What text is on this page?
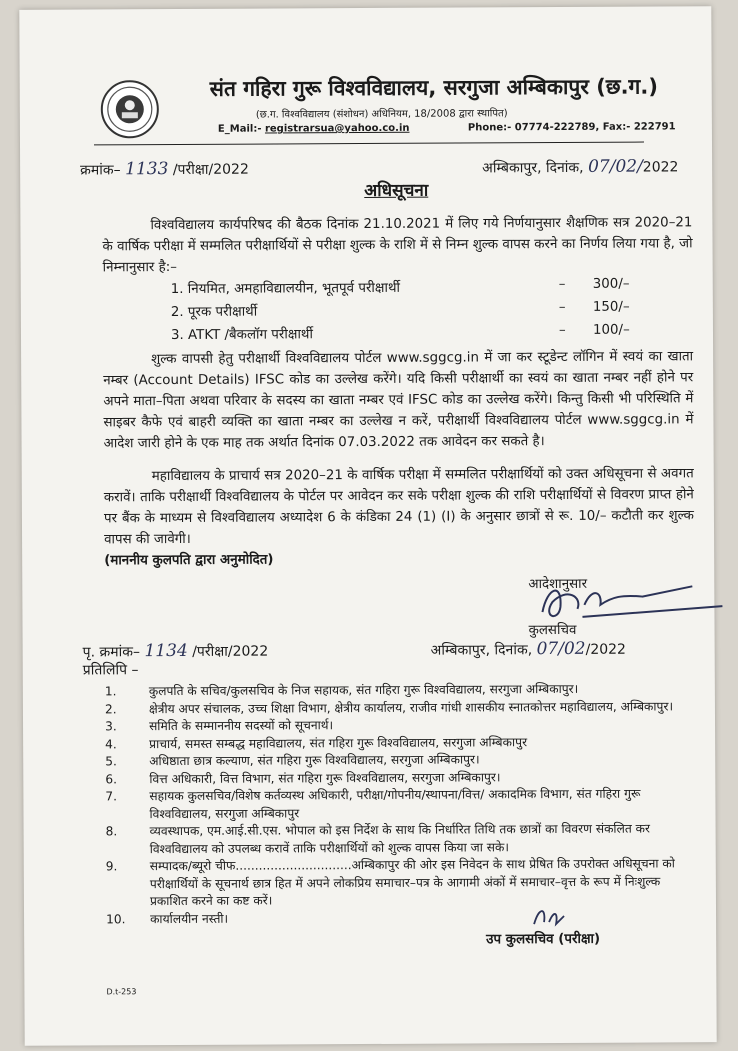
संत गहिरा गुरू विश्वविद्यालय, सरगुजा अम्बिकापुर (छ.ग.)
(छ.ग. विश्वविद्यालय (संशोधन) अधिनियम, 18/2008 द्वारा स्थापित)
E_Mail:- registrarsua@yahoo.co.in	Phone:- 07774-222789, Fax:- 222791
क्रमांक– 1133 /परीक्षा/2022	अम्बिकापुर, दिनांक, 07/02/2022
अधिसूचना

विश्वविद्यालय कार्यपरिषद की बैठक दिनांक 21.10.2021 में लिए गये निर्णयानुसार शैक्षणिक सत्र 2020–21 के वार्षिक परीक्षा में सम्मलित परीक्षार्थियों से परीक्षा शुल्क के राशि में से निम्न शुल्क वापस करने का निर्णय लिया गया है, जो निम्नानुसार है:–

1. नियमित, अमहाविद्यालयीन, भूतपूर्व परीक्षार्थी	– 300/–
2. पूरक परीक्षार्थी	– 150/–
3. ATKT /बैकलॉग परीक्षार्थी	– 100/–

शुल्क वापसी हेतु परीक्षार्थी विश्वविद्यालय पोर्टल www.sggcg.in में जा कर स्टूडेन्ट लॉगिन में स्वयं का खाता नम्बर (Account Details) IFSC कोड का उल्लेख करेंगे। यदि किसी परीक्षार्थी का स्वयं का खाता नम्बर नहीं होने पर अपने माता–पिता अथवा परिवार के सदस्य का खाता नम्बर एवं IFSC कोड का उल्लेख करेंगे। किन्तु किसी भी परिस्थिति में साइबर कैफे एवं बाहरी व्यक्ति का खाता नम्बर का उल्लेख न करें, परीक्षार्थी विश्वविद्यालय पोर्टल www.sggcg.in में आदेश जारी होने के एक माह तक अर्थात दिनांक 07.03.2022 तक आवेदन कर सकते है।

महाविद्यालय के प्राचार्य सत्र 2020–21 के वार्षिक परीक्षा में सम्मलित परीक्षार्थियों को उक्त अधिसूचना से अवगत करावें। ताकि परीक्षार्थी विश्वविद्यालय के पोर्टल पर आवेदन कर सके परीक्षा शुल्क की राशि परीक्षार्थियों से विवरण प्राप्त होने पर बैंक के माध्यम से विश्वविद्यालय अध्यादेश 6 के कंडिका 24 (1) (I) के अनुसार छात्रों से रू. 10/– कटौती कर शुल्क वापस की जावेगी।

(माननीय कुलपति द्वारा अनुमोदित)
आदेशानुसार
कुलसचिव
पृ. क्रमांक– 1134 /परीक्षा/2022	अम्बिकापुर, दिनांक, 07/02/2022
प्रतिलिपि –
1.	कुलपति के सचिव/कुलसचिव के निज सहायक, संत गहिरा गुरू विश्वविद्यालय, सरगुजा अम्बिकापुर।
2.	क्षेत्रीय अपर संचालक, उच्च शिक्षा विभाग, क्षेत्रीय कार्यालय, राजीव गांधी शासकीय स्नातकोत्तर महाविद्यालय, अम्बिकापुर।
3.	समिति के सम्माननीय सदस्यों को सूचनार्थ।
4.	प्राचार्य, समस्त सम्बद्ध महाविद्यालय, संत गहिरा गुरू विश्वविद्यालय, सरगुजा अम्बिकापुर
5.	अधिष्ठाता छात्र कल्याण, संत गहिरा गुरू विश्वविद्यालय, सरगुजा अम्बिकापुर।
6.	वित्त अधिकारी, वित्त विभाग, संत गहिरा गुरू विश्वविद्यालय, सरगुजा अम्बिकापुर।
7.	सहायक कुलसचिव/विशेष कर्तव्यस्थ अधिकारी, परीक्षा/गोपनीय/स्थापना/वित्त/ अकादमिक विभाग, संत गहिरा गुरू विश्वविद्यालय, सरगुजा अम्बिकापुर
8.	व्यवस्थापक, एम.आई.सी.एस. भोपाल को इस निर्देश के साथ कि निर्धारित तिथि तक छात्रों का विवरण संकलित कर विश्वविद्यालय को उपलब्ध करावें ताकि परीक्षार्थियों को शुल्क वापस किया जा सके।
9.	सम्पादक/ब्यूरो चीफ..............................अम्बिकापुर की ओर इस निवेदन के साथ प्रेषित कि उपरोक्त अधिसूचना को परीक्षार्थियों के सूचनार्थ छात्र हित में अपने लोकप्रिय समाचार–पत्र के आगामी अंकों में समाचार–वृत्त के रूप में निःशुल्क प्रकाशित करने का कष्ट करें।
10.	कार्यालयीन नस्ती।
उप कुलसचिव (परीक्षा)
D.t-253
